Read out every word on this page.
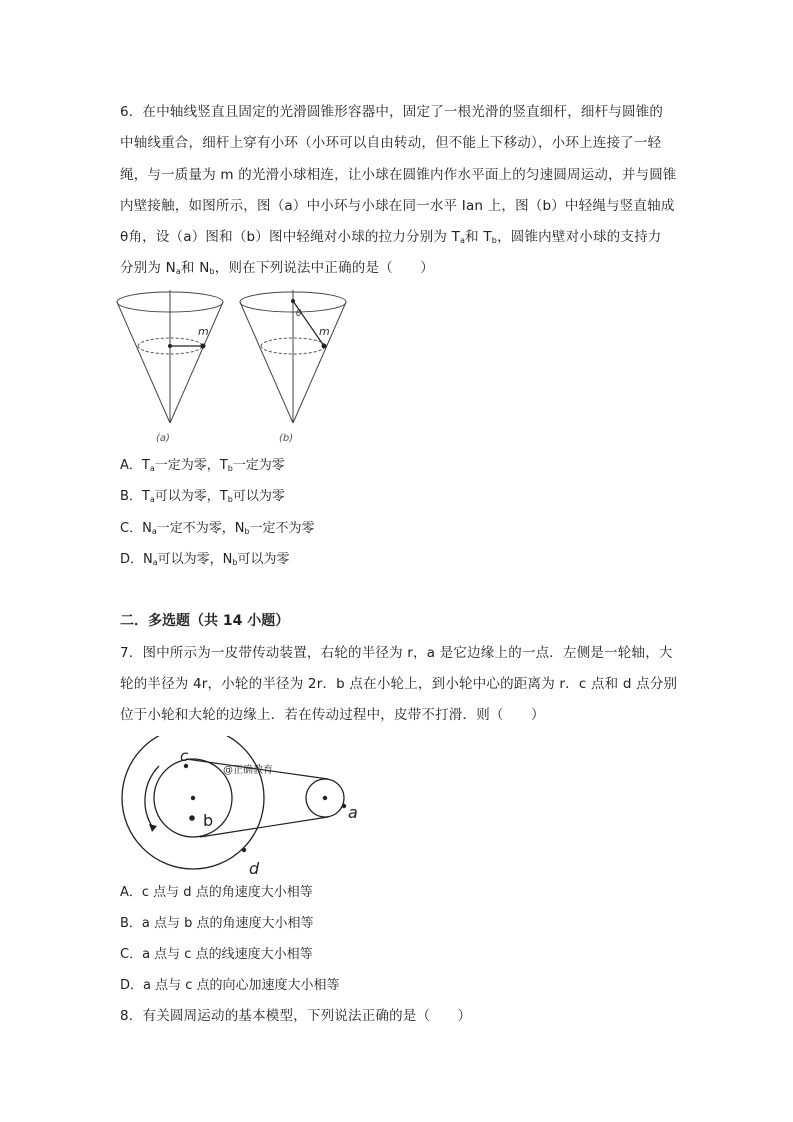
6．在中轴线竖直且固定的光滑圆锥形容器中，固定了一根光滑的竖直细杆，细杆与圆锥的
中轴线重合，细杆上穿有小环（小环可以自由转动，但不能上下移动），小环上连接了一轻
绳，与一质量为 m 的光滑小球相连，让小球在圆锥内作水平面上的匀速圆周运动，并与圆锥
内壁接触，如图所示，图（a）中小环与小球在同一水平 Ian 上，图（b）中轻绳与竖直轴成
θ角，设（a）图和（b）图中轻绳对小球的拉力分别为 $T_a$和 $T_b$，圆锥内壁对小球的支持力
分别为 $N_a$和 $N_b$，则在下列说法中正确的是（　　）
m
(a)
θ
m
(b)
A．$T_a$一定为零，$T_b$一定为零
B．$T_a$可以为零，$T_b$可以为零
C．$N_a$一定不为零，$N_b$一定不为零
D．$N_a$可以为零，$N_b$可以为零
二．多选题（共 14 小题）
7．图中所示为一皮带传动装置，右轮的半径为 r，a 是它边缘上的一点．左侧是一轮轴，大
轮的半径为 4r，小轮的半径为 2r．b 点在小轮上，到小轮中心的距离为 r．c 点和 d 点分别
位于小轮和大轮的边缘上．若在传动过程中，皮带不打滑．则（　　）
c
@正确教育
b	a
d
A．c 点与 d 点的角速度大小相等
B．a 点与 b 点的角速度大小相等
C．a 点与 c 点的线速度大小相等
D．a 点与 c 点的向心加速度大小相等
8．有关圆周运动的基本模型，下列说法正确的是（　　）
